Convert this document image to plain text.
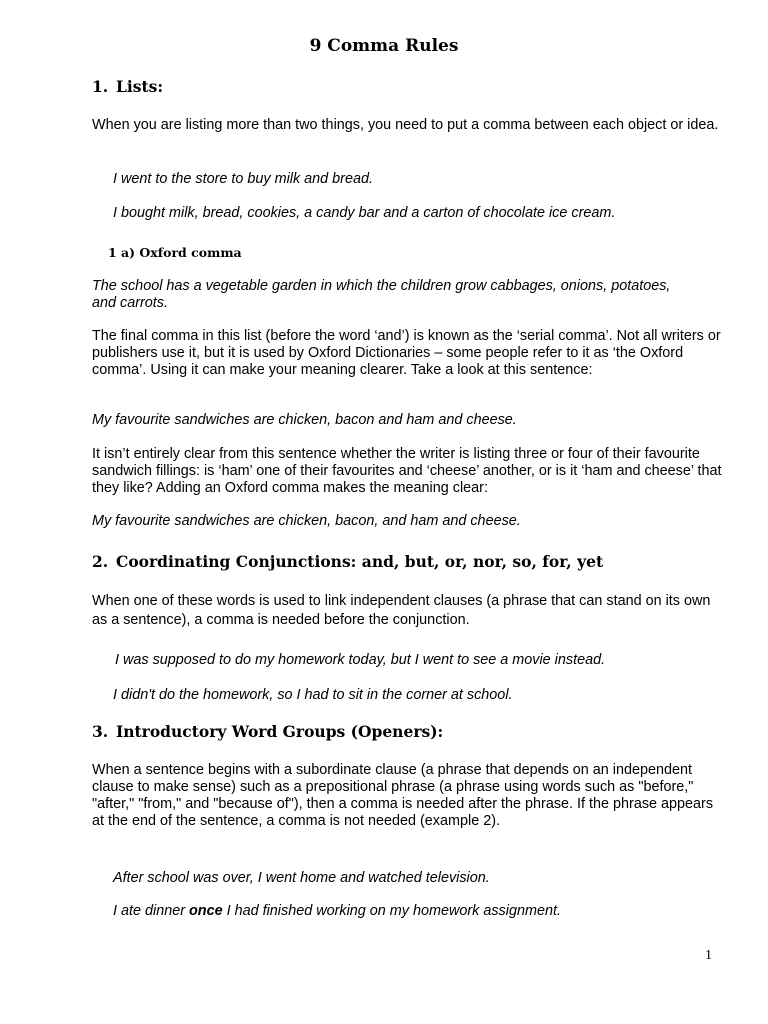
9 Comma Rules
1. Lists:

When you are listing more than two things, you need to put a comma between each object or idea.

I went to the store to buy milk and bread.

I bought milk, bread, cookies, a candy bar and a carton of chocolate ice cream.

1 a) Oxford comma

The school has a vegetable garden in which the children grow cabbages, onions, potatoes, and carrots.

The final comma in this list (before the word ‘and’) is known as the ‘serial comma’. Not all writers or publishers use it, but it is used by Oxford Dictionaries – some people refer to it as ‘the Oxford comma’. Using it can make your meaning clearer. Take a look at this sentence:

My favourite sandwiches are chicken, bacon and ham and cheese.

It isn’t entirely clear from this sentence whether the writer is listing three or four of their favourite sandwich fillings: is ‘ham’ one of their favourites and ‘cheese’ another, or is it ‘ham and cheese’ that they like? Adding an Oxford comma makes the meaning clear:

My favourite sandwiches are chicken, bacon, and ham and cheese.

2. Coordinating Conjunctions: and, but, or, nor, so, for, yet

When one of these words is used to link independent clauses (a phrase that can stand on its own as a sentence), a comma is needed before the conjunction.

I was supposed to do my homework today, but I went to see a movie instead.

I didn't do the homework, so I had to sit in the corner at school.

3. Introductory Word Groups (Openers):

When a sentence begins with a subordinate clause (a phrase that depends on an independent clause to make sense) such as a prepositional phrase (a phrase using words such as "before," "after," "from," and "because of"), then a comma is needed after the phrase. If the phrase appears at the end of the sentence, a comma is not needed (example 2).

After school was over, I went home and watched television.

I ate dinner once I had finished working on my homework assignment.

1
